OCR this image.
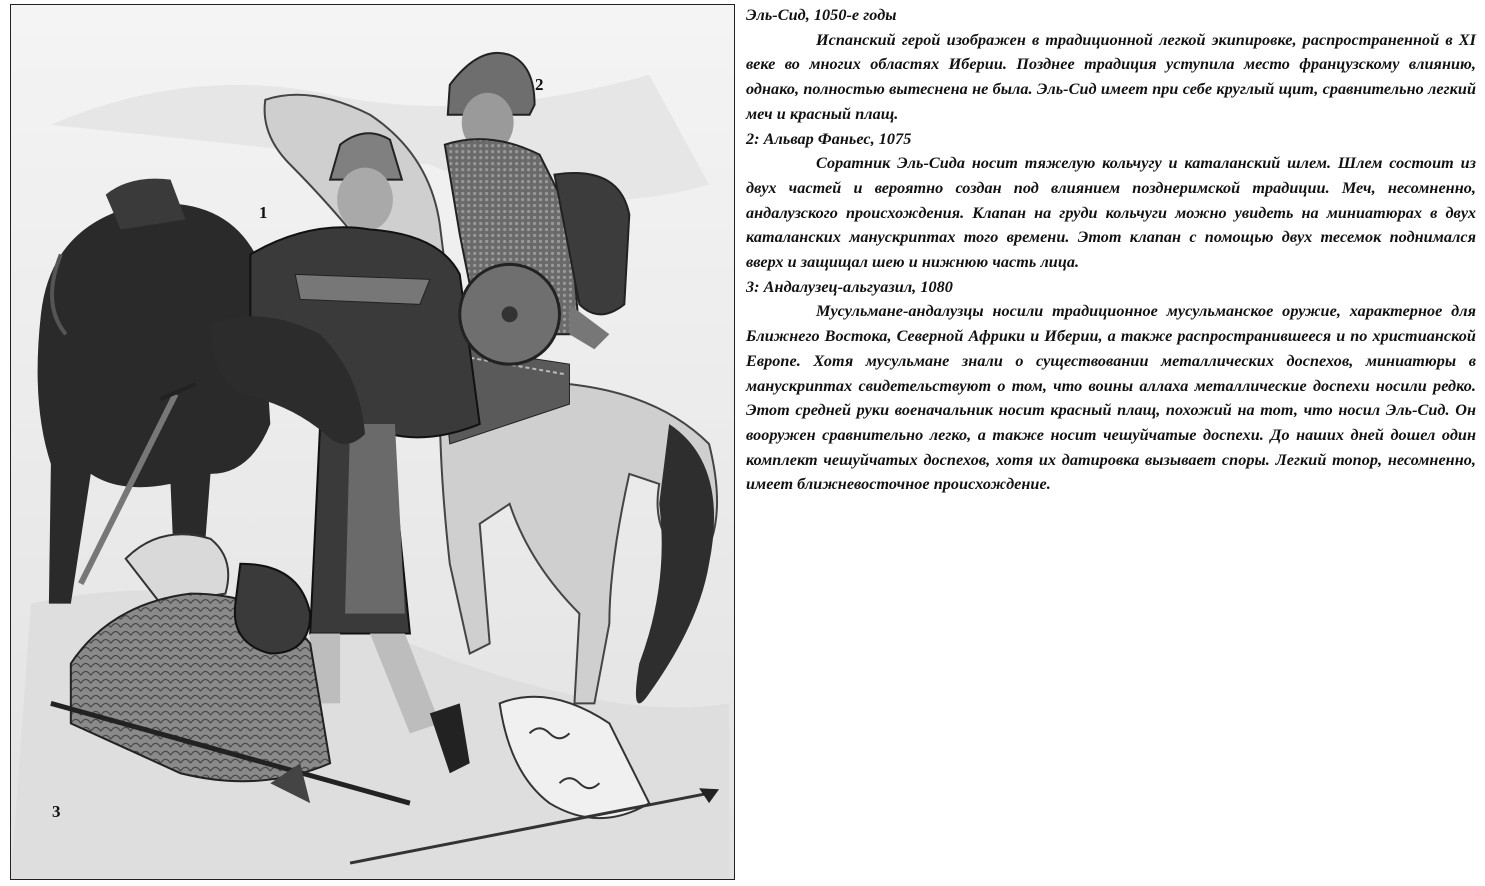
1
2
3
Эль-Сид, 1050-е годы
Испанский герой изображен в традиционной легкой экипировке, распространенной в XI веке во многих областях Иберии. Позднее традиция уступила место французскому влиянию, однако, полностью вытеснена не была. Эль-Сид имеет при себе круглый щит, сравнительно легкий меч и красный плащ.
2: Альвар Фаньес, 1075
Соратник Эль-Сида носит тяжелую кольчугу и каталанский шлем. Шлем состоит из двух частей и вероятно создан под влиянием позднеримской традиции. Меч, несомненно, андалузского происхождения. Клапан на груди кольчуги можно увидеть на миниатюрах в двух каталанских манускриптах того времени. Этот клапан с помощью двух тесемок поднимался вверх и защищал шею и нижнюю часть лица.
3: Андалузец-альгуазил, 1080
Мусульмане-андалузцы носили традиционное мусульманское оружие, характерное для Ближнего Востока, Северной Африки и Иберии, а также распространившееся и по христианской Европе. Хотя мусульмане знали о существовании металлических доспехов, миниатюры в манускриптах свидетельствуют о том, что воины аллаха металлические доспехи носили редко. Этот средней руки военачальник носит красный плащ, похожий на тот, что носил Эль-Сид. Он вооружен сравнительно легко, а также носит чешуйчатые доспехи. До наших дней дошел один комплект чешуйчатых доспехов, хотя их датировка вызывает споры. Легкий топор, несомненно, имеет ближневосточное происхождение.
